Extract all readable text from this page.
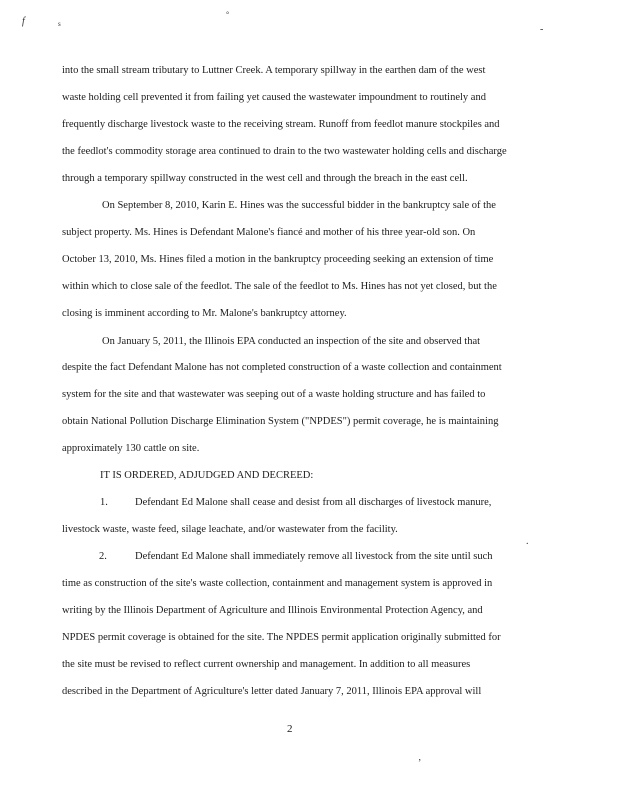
f	s
°
-
.
’
into the small stream tributary to Luttner Creek. A temporary spillway in the earthen dam of the west
waste holding cell prevented it from failing yet caused the wastewater impoundment to routinely and
frequently discharge livestock waste to the receiving stream. Runoff from feedlot manure stockpiles and
the feedlot's commodity storage area continued to drain to the two wastewater holding cells and discharge
through a temporary spillway constructed in the west cell and through the breach in the east cell.
On September 8, 2010, Karin E. Hines was the successful bidder in the bankruptcy sale of the
subject property. Ms. Hines is Defendant Malone's fiancé and mother of his three year-old son. On
October 13, 2010, Ms. Hines filed a motion in the bankruptcy proceeding seeking an extension of time
within which to close sale of the feedlot. The sale of the feedlot to Ms. Hines has not yet closed, but the
closing is imminent according to Mr. Malone's bankruptcy attorney.
On January 5, 2011, the Illinois EPA conducted an inspection of the site and observed that
despite the fact Defendant Malone has not completed construction of a waste collection and containment
system for the site and that wastewater was seeping out of a waste holding structure and has failed to
obtain National Pollution Discharge Elimination System ("NPDES") permit coverage, he is maintaining
approximately 130 cattle on site.
IT IS ORDERED, ADJUDGED AND DECREED:
1.	Defendant Ed Malone shall cease and desist from all discharges of livestock manure,
livestock waste, waste feed, silage leachate, and/or wastewater from the facility.
2.	Defendant Ed Malone shall immediately remove all livestock from the site until such
time as construction of the site's waste collection, containment and management system is approved in
writing by the Illinois Department of Agriculture and Illinois Environmental Protection Agency, and
NPDES permit coverage is obtained for the site. The NPDES permit application originally submitted for
the site must be revised to reflect current ownership and management. In addition to all measures
described in the Department of Agriculture's letter dated January 7, 2011, Illinois EPA approval will
2
